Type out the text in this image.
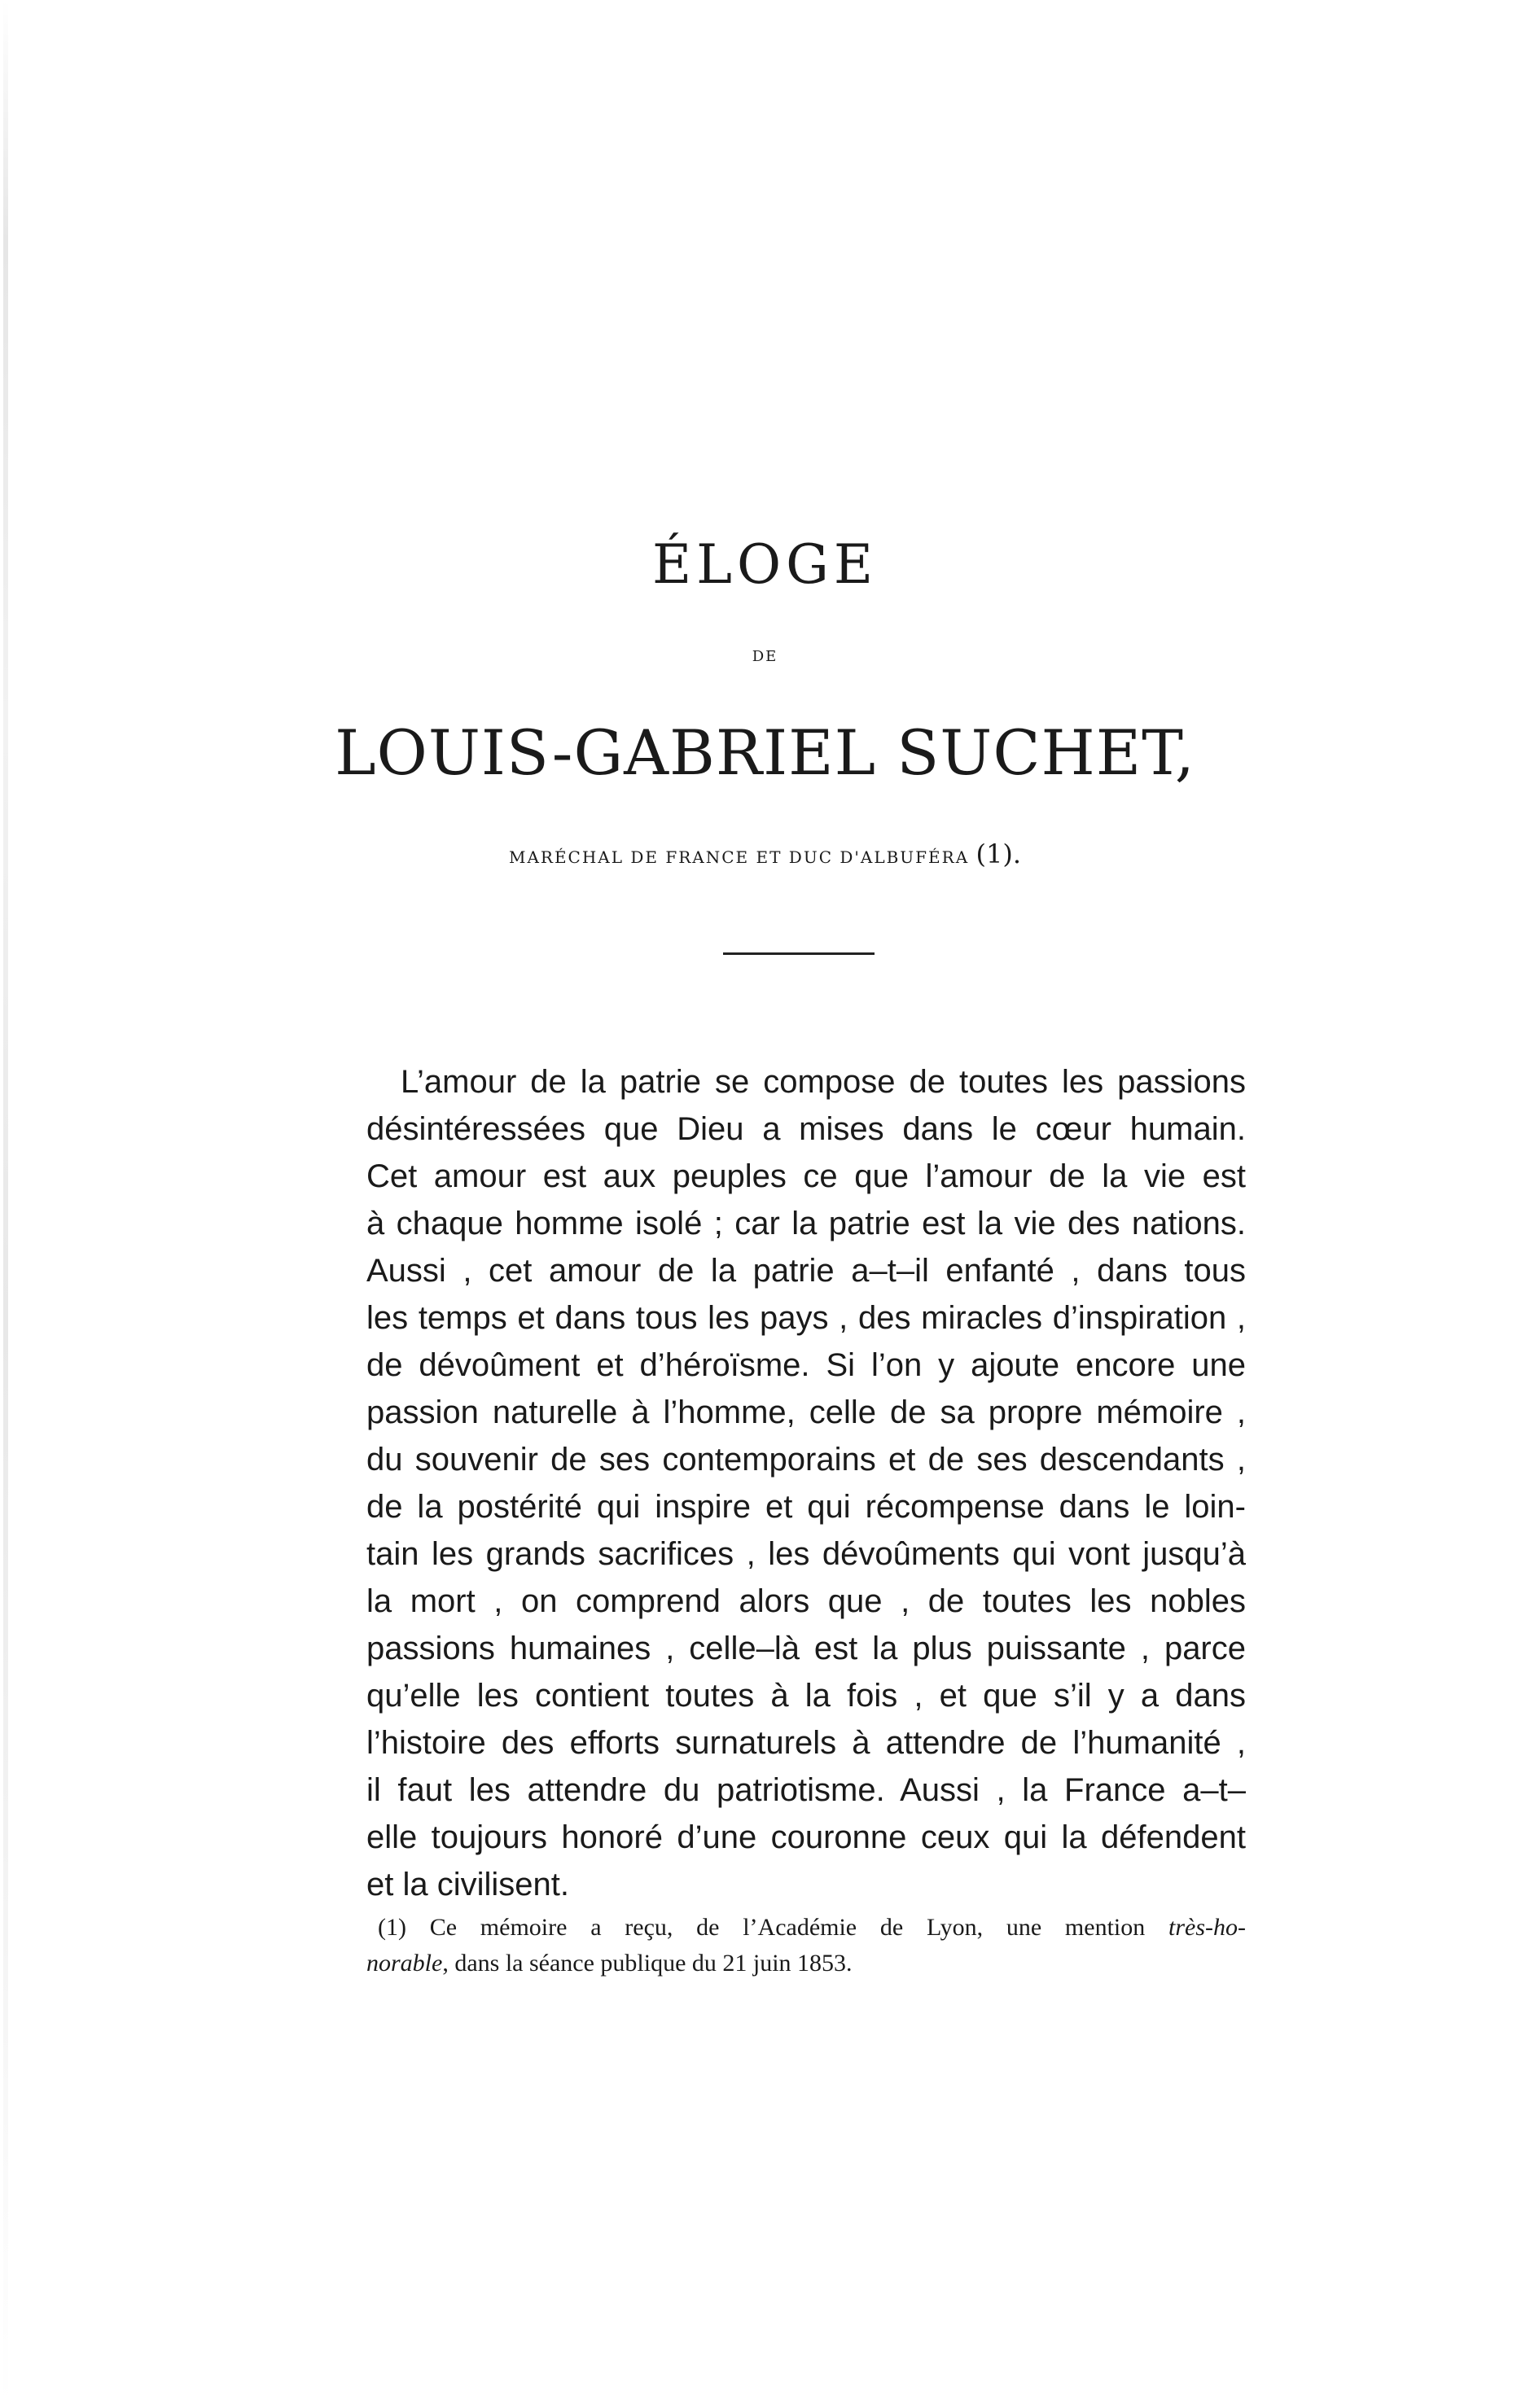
ÉLOGE
DE
LOUIS-GABRIEL SUCHET,
MARÉCHAL DE FRANCE ET DUC D'ALBUFÉRA (1).
L’amour de la patrie se compose de toutes les passions
désintéressées que Dieu a mises dans le cœur humain.
Cet amour est aux peuples ce que l’amour de la vie est
à chaque homme isolé ; car la patrie est la vie des nations.
Aussi , cet amour de la patrie a–t–il enfanté , dans tous
les temps et dans tous les pays , des miracles d’inspiration ,
de dévoûment et d’héroïsme. Si l’on y ajoute encore une
passion naturelle à l’homme, celle de sa propre mémoire ,
du souvenir de ses contemporains et de ses descendants ,
de la postérité qui inspire et qui récompense dans le loin-
tain les grands sacrifices , les dévoûments qui vont jusqu’à
la mort , on comprend alors que , de toutes les nobles
passions humaines , celle–là est la plus puissante , parce
qu’elle les contient toutes à la fois , et que s’il y a dans
l’histoire des efforts surnaturels à attendre de l’humanité ,
il faut les attendre du patriotisme. Aussi , la France a–t–
elle toujours honoré d’une couronne ceux qui la défendent
et la civilisent.
(1) Ce mémoire a reçu, de l’Académie de Lyon, une mention très-ho-
norable, dans la séance publique du 21 juin 1853.
